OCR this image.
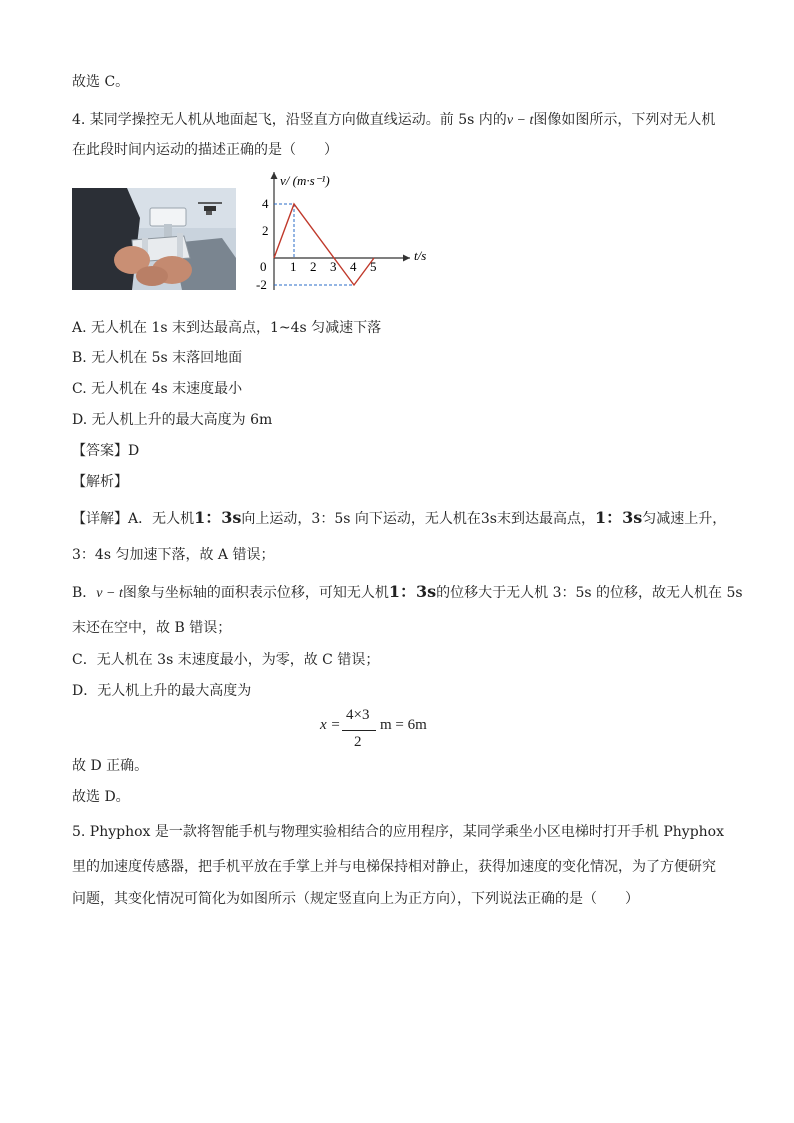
故选 C。
4. 某同学操控无人机从地面起飞，沿竖直方向做直线运动。前 5s 内的v − t图像如图所示，下列对无人机
在此段时间内运动的描述正确的是（　　）
v/ (m·s⁻¹)
t/s
0 1 2 3 4 5
4
2
-2
A. 无人机在 1s 末到达最高点，1~4s 匀减速下落
B. 无人机在 5s 末落回地面
C. 无人机在 4s 末速度最小
D. 无人机上升的最大高度为 6m
【答案】D
【解析】
【详解】A．无人机1：3s向上运动，3：5s 向下运动，无人机在3s末到达最高点，1：3s匀减速上升，
3：4s 匀加速下落，故 A 错误；
B．v − t图象与坐标轴的面积表示位移，可知无人机1：3s的位移大于无人机 3：5s 的位移，故无人机在 5s
末还在空中，故 B 错误；
C．无人机在 3s 末速度最小，为零，故 C 错误；
D．无人机上升的最大高度为
x =
4×3
2
m = 6m
故 D 正确。
故选 D。
5. Phyphox 是一款将智能手机与物理实验相结合的应用程序，某同学乘坐小区电梯时打开手机 Phyphox
里的加速度传感器，把手机平放在手掌上并与电梯保持相对静止，获得加速度的变化情况，为了方便研究
问题，其变化情况可简化为如图所示（规定竖直向上为正方向），下列说法正确的是（　　）
